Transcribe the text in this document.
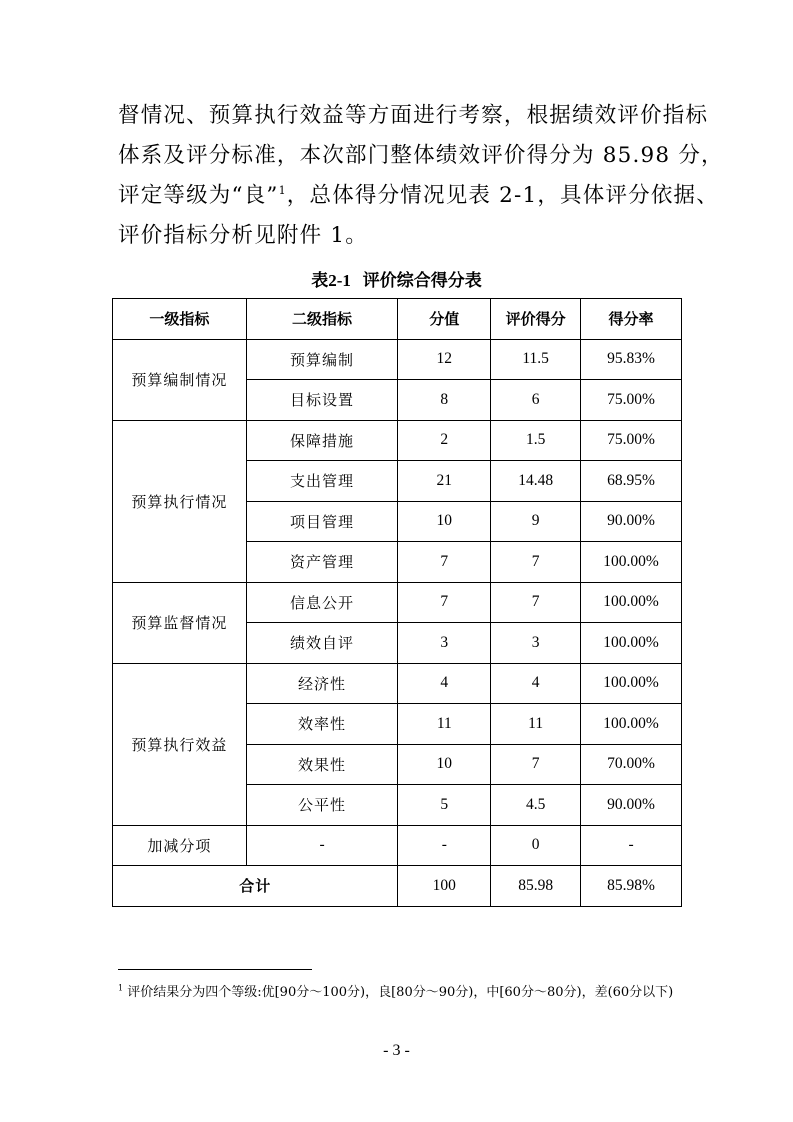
督情况、预算执行效益等方面进行考察，根据绩效评价指标
体系及评分标准，本次部门整体绩效评价得分为 85.98 分，
评定等级为“良”$^1$，总体得分情况见表 2-1，具体评分依据、
评价指标分析见附件 1。
表2-1 评价综合得分表
一级指标	二级指标	分值	评价得分	得分率
预算编制情况	预算编制	12	11.5	95.83%
	目标设置	8	6	75.00%
预算执行情况	保障措施	2	1.5	75.00%
	支出管理	21	14.48	68.95%
	项目管理	10	9	90.00%
	资产管理	7	7	100.00%
预算监督情况	信息公开	7	7	100.00%
	绩效自评	3	3	100.00%
预算执行效益	经济性	4	4	100.00%
	效率性	11	11	100.00%
	效果性	10	7	70.00%
	公平性	5	4.5	90.00%
加减分项	-	-	0	-
合计		100	85.98	85.98%
$^1$ 评价结果分为四个等级:优[90分～100分)，良[80分～90分)，中[60分～80分)，差(60分以下)
- 3 -
